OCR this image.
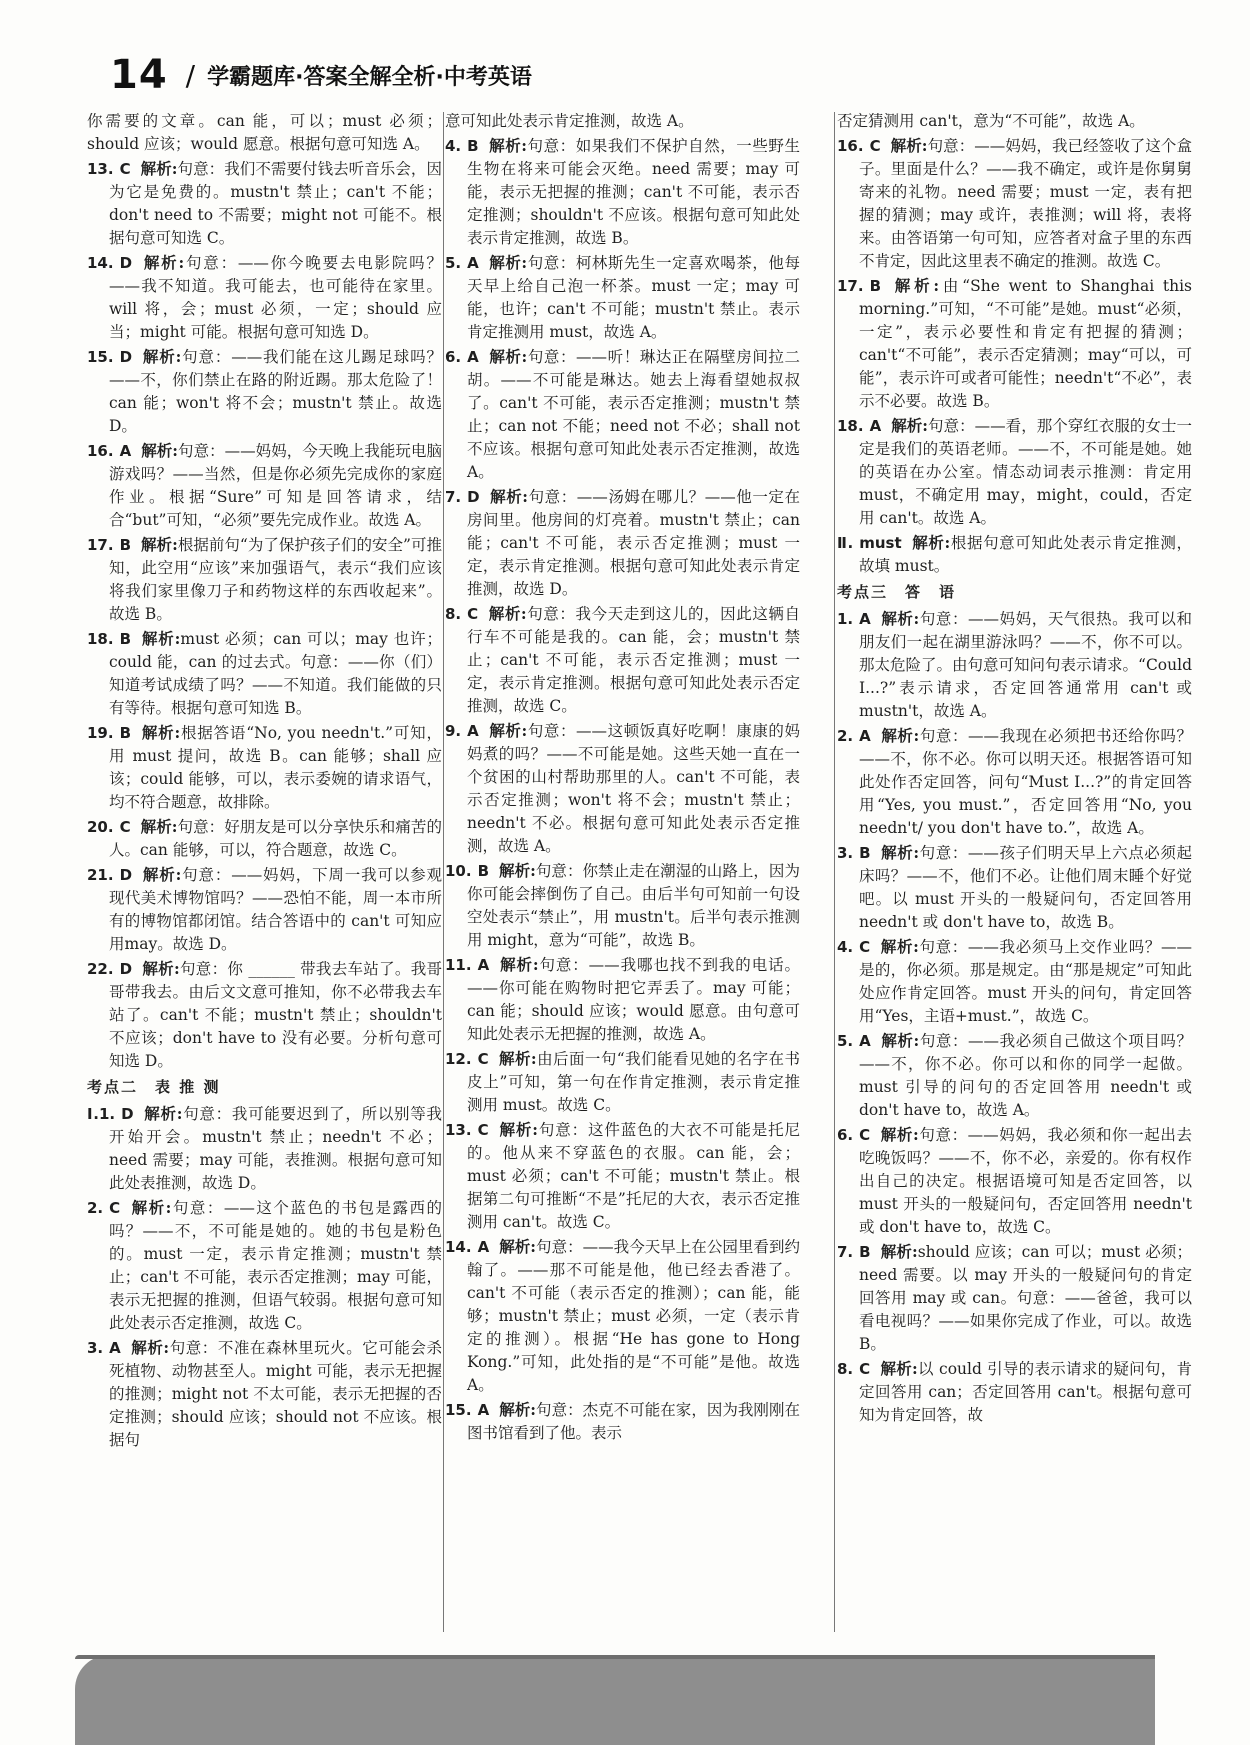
14 / 学霸题库·答案全解全析·中考英语
你需要的文章。can 能，可以；must 必须；should 应该；would 愿意。根据句意可知选 A。
13. C 解析 : 句意：我们不需要付钱去听音乐会，因为它是免费的。mustn't 禁止；can't 不能；don't need to 不需要；might not 可能不。根据句意可知选 C。
14. D 解析 : 句意：——你今晚要去电影院吗？——我不知道。我可能去，也可能待在家里。will 将，会；must 必须，一定；should 应当；might 可能。根据句意可知选 D。
15. D 解析 : 句意：——我们能在这儿踢足球吗？——不，你们禁止在路的附近踢。那太危险了！can 能；won't 将不会；mustn't 禁止。故选 D。
16. A 解析 : 句意：——妈妈，今天晚上我能玩电脑游戏吗？——当然，但是你必须先完成你的家庭作业。根据“Sure”可知是回答请求，结合“but”可知，“必须”要先完成作业。故选 A。
17. B 解析 : 根据前句“为了保护孩子们的安全”可推知，此空用“应该”来加强语气，表示“我们应该将我们家里像刀子和药物这样的东西收起来”。故选 B。
18. B 解析 : must 必须；can 可以；may 也许；could 能，can 的过去式。句意：——你（们）知道考试成绩了吗？——不知道。我们能做的只有等待。根据句意可知选 B。
19. B 解析 : 根据答语“No, you needn't.”可知，用 must 提问，故选 B。can 能够；shall 应该；could 能够，可以，表示委婉的请求语气，均不符合题意，故排除。
20. C 解析 : 句意：好朋友是可以分享快乐和痛苦的人。can 能够，可以，符合题意，故选 C。
21. D 解析 : 句意：——妈妈，下周一我可以参观现代美术博物馆吗？——恐怕不能，周一本市所有的博物馆都闭馆。结合答语中的 can't 可知应用may。故选 D。
22. D 解析 : 句意：你 ______ 带我去车站了。我哥哥带我去。由后文文意可推知，你不必带我去车站了。can't 不能；mustn't 禁止；shouldn't 不应该；don't have to 没有必要。分析句意可知选 D。
考点二　表 推 测
Ⅰ.1. D 解析 : 句意：我可能要迟到了，所以别等我开始开会。mustn't 禁止；needn't 不必；need 需要；may 可能，表推测。根据句意可知此处表推测，故选 D。
2. C 解析 : 句意：——这个蓝色的书包是露西的吗？——不，不可能是她的。她的书包是粉色的。must 一定，表示肯定推测；mustn't 禁止；can't 不可能，表示否定推测；may 可能，表示无把握的推测，但语气较弱。根据句意可知此处表示否定推测，故选 C。
3. A 解析 : 句意：不准在森林里玩火。它可能会杀死植物、动物甚至人。might 可能，表示无把握的推测；might not 不太可能，表示无把握的否定推测；should 应该；should not 不应该。根据句
意可知此处表示肯定推测，故选 A。
4. B 解析 : 句意：如果我们不保护自然，一些野生生物在将来可能会灭绝。need 需要；may 可能，表示无把握的推测；can't 不可能，表示否定推测；shouldn't 不应该。根据句意可知此处表示肯定推测，故选 B。
5. A 解析 : 句意：柯林斯先生一定喜欢喝茶，他每天早上给自己泡一杯茶。must 一定；may 可能，也许；can't 不可能；mustn't 禁止。表示肯定推测用 must，故选 A。
6. A 解析 : 句意：——听！琳达正在隔壁房间拉二胡。——不可能是琳达。她去上海看望她叔叔了。can't 不可能，表示否定推测；mustn't 禁止；can not 不能；need not 不必；shall not 不应该。根据句意可知此处表示否定推测，故选 A。
7. D 解析 : 句意：——汤姆在哪儿？——他一定在房间里。他房间的灯亮着。mustn't 禁止；can 能；can't 不可能，表示否定推测；must 一定，表示肯定推测。根据句意可知此处表示肯定推测，故选 D。
8. C 解析 : 句意：我今天走到这儿的，因此这辆自行车不可能是我的。can 能，会；mustn't 禁止；can't 不可能，表示否定推测；must 一定，表示肯定推测。根据句意可知此处表示否定推测，故选 C。
9. A 解析 : 句意：——这顿饭真好吃啊！康康的妈妈煮的吗？——不可能是她。这些天她一直在一个贫困的山村帮助那里的人。can't 不可能，表示否定推测；won't 将不会；mustn't 禁止；needn't 不必。根据句意可知此处表示否定推测，故选 A。
10. B 解析 : 句意：你禁止走在潮湿的山路上，因为你可能会摔倒伤了自己。由后半句可知前一句设空处表示“禁止”，用 mustn't。后半句表示推测用 might，意为“可能”，故选 B。
11. A 解析 : 句意：——我哪也找不到我的电话。——你可能在购物时把它弄丢了。may 可能；can 能；should 应该；would 愿意。由句意可知此处表示无把握的推测，故选 A。
12. C 解析 : 由后面一句“我们能看见她的名字在书皮上”可知，第一句在作肯定推测，表示肯定推测用 must。故选 C。
13. C 解析 : 句意：这件蓝色的大衣不可能是托尼的。他从来不穿蓝色的衣服。can 能，会；must 必须；can't 不可能；mustn't 禁止。根据第二句可推断“不是”托尼的大衣，表示否定推测用 can't。故选 C。
14. A 解析 : 句意：——我今天早上在公园里看到约翰了。——那不可能是他，他已经去香港了。can't 不可能（表示否定的推测）；can 能，能够；mustn't 禁止；must 必须，一定（表示肯定的推测）。根据“He has gone to Hong Kong.”可知，此处指的是“不可能”是他。故选 A。
15. A 解析 : 句意：杰克不可能在家，因为我刚刚在图书馆看到了他。表示
否定猜测用 can't，意为“不可能”，故选 A。
16. C 解析 : 句意：——妈妈，我已经签收了这个盒子。里面是什么？——我不确定，或许是你舅舅寄来的礼物。need 需要；must 一定，表有把握的猜测；may 或许，表推测；will 将，表将来。由答语第一句可知，应答者对盒子里的东西不肯定，因此这里表不确定的推测。故选 C。
17. B 解析 : 由“She went to Shanghai this morning.”可知，“不可能”是她。must“必须，一定”，表示必要性和肯定有把握的猜测；can't“不可能”，表示否定猜测；may“可以，可能”，表示许可或者可能性；needn't“不必”，表示不必要。故选 B。
18. A 解析 : 句意：——看，那个穿红衣服的女士一定是我们的英语老师。——不，不可能是她。她的英语在办公室。情态动词表示推测：肯定用 must，不确定用 may，might，could，否定用 can't。故选 A。
Ⅱ. must 解析 : 根据句意可知此处表示肯定推测，故填 must。
考点三　答　语
1. A 解析 : 句意：——妈妈，天气很热。我可以和朋友们一起在湖里游泳吗？——不，你不可以。那太危险了。由句意可知问句表示请求。“Could I...?”表示请求，否定回答通常用 can't 或 mustn't，故选 A。
2. A 解析 : 句意：——我现在必须把书还给你吗？——不，你不必。你可以明天还。根据答语可知此处作否定回答，问句“Must I...?”的肯定回答用“Yes, you must.”，否定回答用“No, you needn't/ you don't have to.”，故选 A。
3. B 解析 : 句意：——孩子们明天早上六点必须起床吗？——不，他们不必。让他们周末睡个好觉吧。以 must 开头的一般疑问句，否定回答用 needn't 或 don't have to，故选 B。
4. C 解析 : 句意：——我必须马上交作业吗？——是的，你必须。那是规定。由“那是规定”可知此处应作肯定回答。must 开头的问句，肯定回答用“Yes，主语+must.”，故选 C。
5. A 解析 : 句意：——我必须自己做这个项目吗？——不，你不必。你可以和你的同学一起做。must 引导的问句的否定回答用 needn't 或 don't have to，故选 A。
6. C 解析 : 句意：——妈妈，我必须和你一起出去吃晚饭吗？——不，你不必，亲爱的。你有权作出自己的决定。根据语境可知是否定回答，以 must 开头的一般疑问句，否定回答用 needn't 或 don't have to，故选 C。
7. B 解析 : should 应该；can 可以；must 必须；need 需要。以 may 开头的一般疑问句的肯定回答用 may 或 can。句意：——爸爸，我可以看电视吗？——如果你完成了作业，可以。故选 B。
8. C 解析 : 以 could 引导的表示请求的疑问句，肯定回答用 can；否定回答用 can't。根据句意可知为肯定回答，故
